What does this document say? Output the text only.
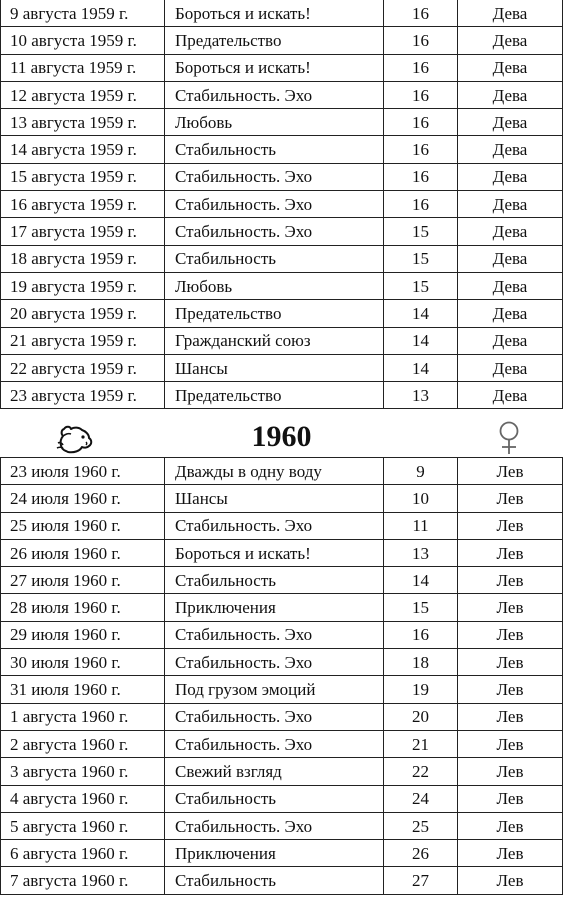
9 августа 1959 г.	Бороться и искать!	16	Дева
10 августа 1959 г.	Предательство	16	Дева
11 августа 1959 г.	Бороться и искать!	16	Дева
12 августа 1959 г.	Стабильность. Эхо	16	Дева
13 августа 1959 г.	Любовь	16	Дева
14 августа 1959 г.	Стабильность	16	Дева
15 августа 1959 г.	Стабильность. Эхо	16	Дева
16 августа 1959 г.	Стабильность. Эхо	16	Дева
17 августа 1959 г.	Стабильность. Эхо	15	Дева
18 августа 1959 г.	Стабильность	15	Дева
19 августа 1959 г.	Любовь	15	Дева
20 августа 1959 г.	Предательство	14	Дева
21 августа 1959 г.	Гражданский союз	14	Дева
22 августа 1959 г.	Шансы	14	Дева
23 августа 1959 г.	Предательство	13	Дева
1960
23 июля 1960 г.	Дважды в одну воду	9	Лев
24 июля 1960 г.	Шансы	10	Лев
25 июля 1960 г.	Стабильность. Эхо	11	Лев
26 июля 1960 г.	Бороться и искать!	13	Лев
27 июля 1960 г.	Стабильность	14	Лев
28 июля 1960 г.	Приключения	15	Лев
29 июля 1960 г.	Стабильность. Эхо	16	Лев
30 июля 1960 г.	Стабильность. Эхо	18	Лев
31 июля 1960 г.	Под грузом эмоций	19	Лев
1 августа 1960 г.	Стабильность. Эхо	20	Лев
2 августа 1960 г.	Стабильность. Эхо	21	Лев
3 августа 1960 г.	Свежий взгляд	22	Лев
4 августа 1960 г.	Стабильность	24	Лев
5 августа 1960 г.	Стабильность. Эхо	25	Лев
6 августа 1960 г.	Приключения	26	Лев
7 августа 1960 г.	Стабильность	27	Лев
